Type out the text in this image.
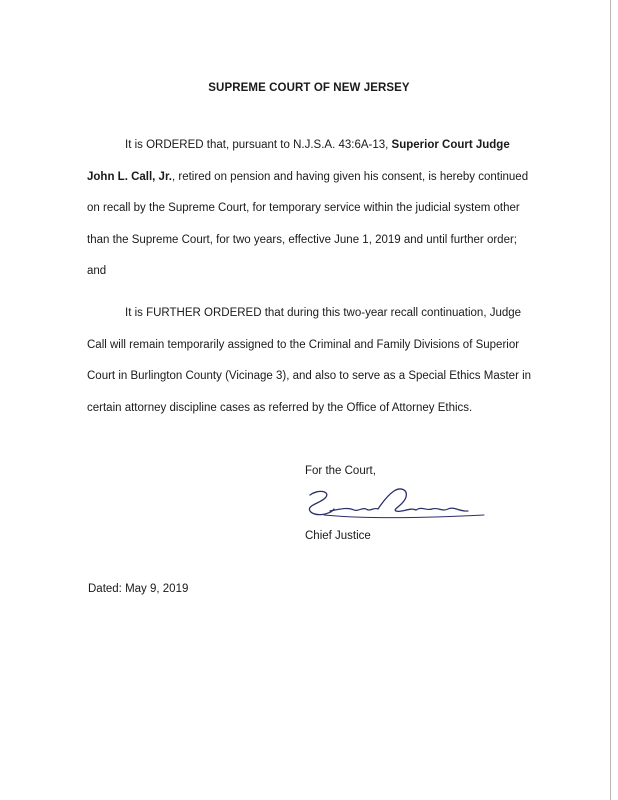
SUPREME COURT OF NEW JERSEY
It is ORDERED that, pursuant to N.J.S.A. 43:6A-13, Superior Court Judge John L. Call, Jr., retired on pension and having given his consent, is hereby continued on recall by the Supreme Court, for temporary service within the judicial system other than the Supreme Court, for two years, effective June 1, 2019 and until further order; and
It is FURTHER ORDERED that during this two-year recall continuation, Judge Call will remain temporarily assigned to the Criminal and Family Divisions of Superior Court in Burlington County (Vicinage 3), and also to serve as a Special Ethics Master in certain attorney discipline cases as referred by the Office of Attorney Ethics.
For the Court,
Chief Justice
Dated: May 9, 2019
